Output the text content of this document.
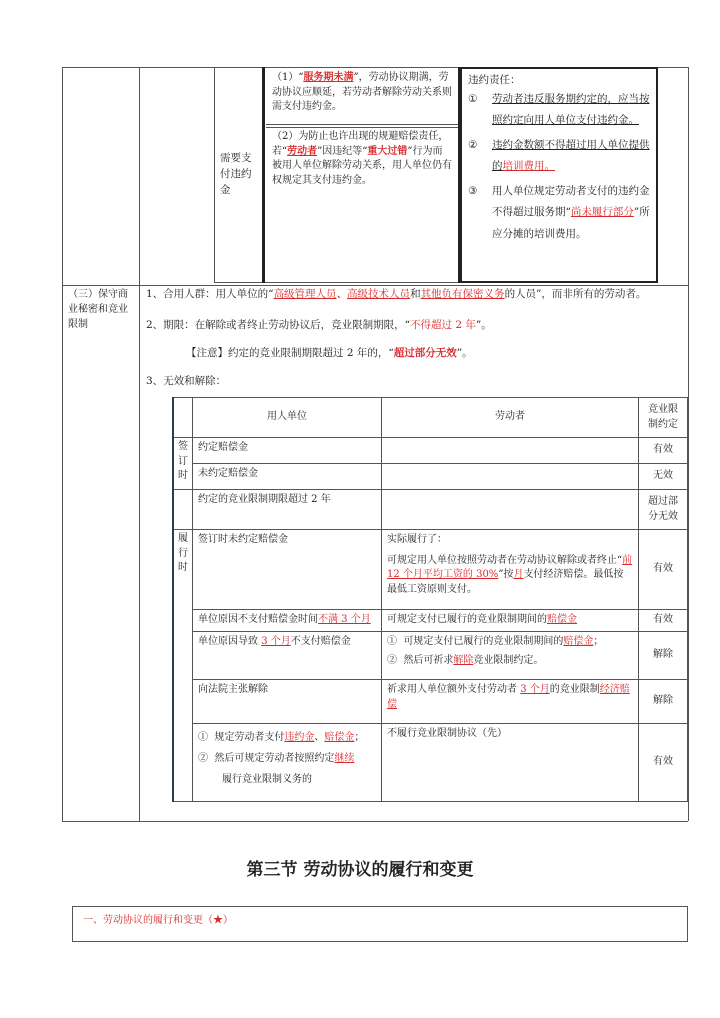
需要支付违约金
（1）“服务期未满”，劳动协议期满，劳动协议应顺延，若劳动者解除劳动关系则需支付违约金。
（2）为防止也许出现的规避赔偿责任，若“劳动者”因违纪等“重大过错”行为而被用人单位解除劳动关系，用人单位仍有权规定其支付违约金。
违约责任：
①	劳动者违反服务期约定的，应当按照约定向用人单位支付违约金。
②	违约金数额不得超过用人单位提供的培训费用。
③	用人单位规定劳动者支付的违约金不得超过服务期“尚未履行部分”所应分摊的培训费用。
（三）保守商业秘密和竞业限制
1、合用人群：用人单位的“高级管理人员、高级技术人员和其他负有保密义务的人员”，而非所有的劳动者。
2、期限：在解除或者终止劳动协议后，竞业限制期限，“不得超过 2 年”。
【注意】约定的竞业限制期限超过 2 年的，“超过部分无效”。
3、无效和解除：
	用人单位	劳动者	竞业限制约定
签订时	约定赔偿金		有效
	未约定赔偿金		无效
	约定的竞业限制期限超过 2 年		超过部分无效
履行时	签订时未约定赔偿金	实际履行了：
可规定用人单位按照劳动者在劳动协议解除或者终止“前 12 个月平均工资的 30%”按月支付经济赔偿。最低按最低工资原则支付。	有效
	单位原因不支付赔偿金时间不满 3 个月	可规定支付已履行的竞业限制期间的赔偿金	有效
	单位原因导致 3 个月不支付赔偿金	① 可规定支付已履行的竞业限制期间的赔偿金；
② 然后可祈求解除竞业限制约定。	解除
	向法院主张解除	祈求用人单位额外支付劳动者 3 个月的竞业限制经济赔偿	解除

	① 规定劳动者支付违约金、赔偿金；
② 然后可规定劳动者按照约定继续
履行竞业限制义务的	不履行竞业限制协议（先）	有效
第三节 劳动协议的履行和变更
一、劳动协议的履行和变更（★）
